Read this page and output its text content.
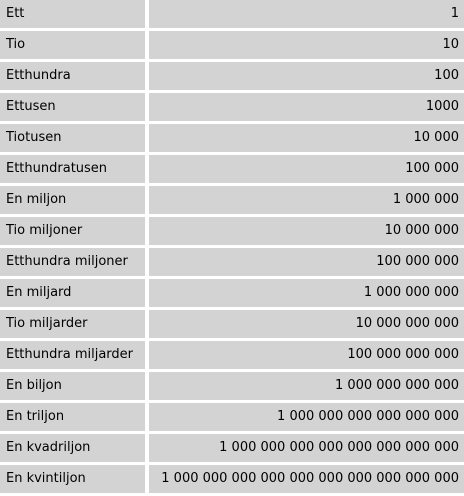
Ett	1
Tio	10
Etthundra	100
Ettusen	1000
Tiotusen	10 000
Etthundratusen	100 000
En miljon	1 000 000
Tio miljoner	10 000 000
Etthundra miljoner	100 000 000
En miljard	1 000 000 000
Tio miljarder	10 000 000 000
Etthundra miljarder	100 000 000 000
En biljon	1 000 000 000 000
En triljon	1 000 000 000 000 000 000
En kvadriljon	1 000 000 000 000 000 000 000 000
En kvintiljon	1 000 000 000 000 000 000 000 000 000 000
